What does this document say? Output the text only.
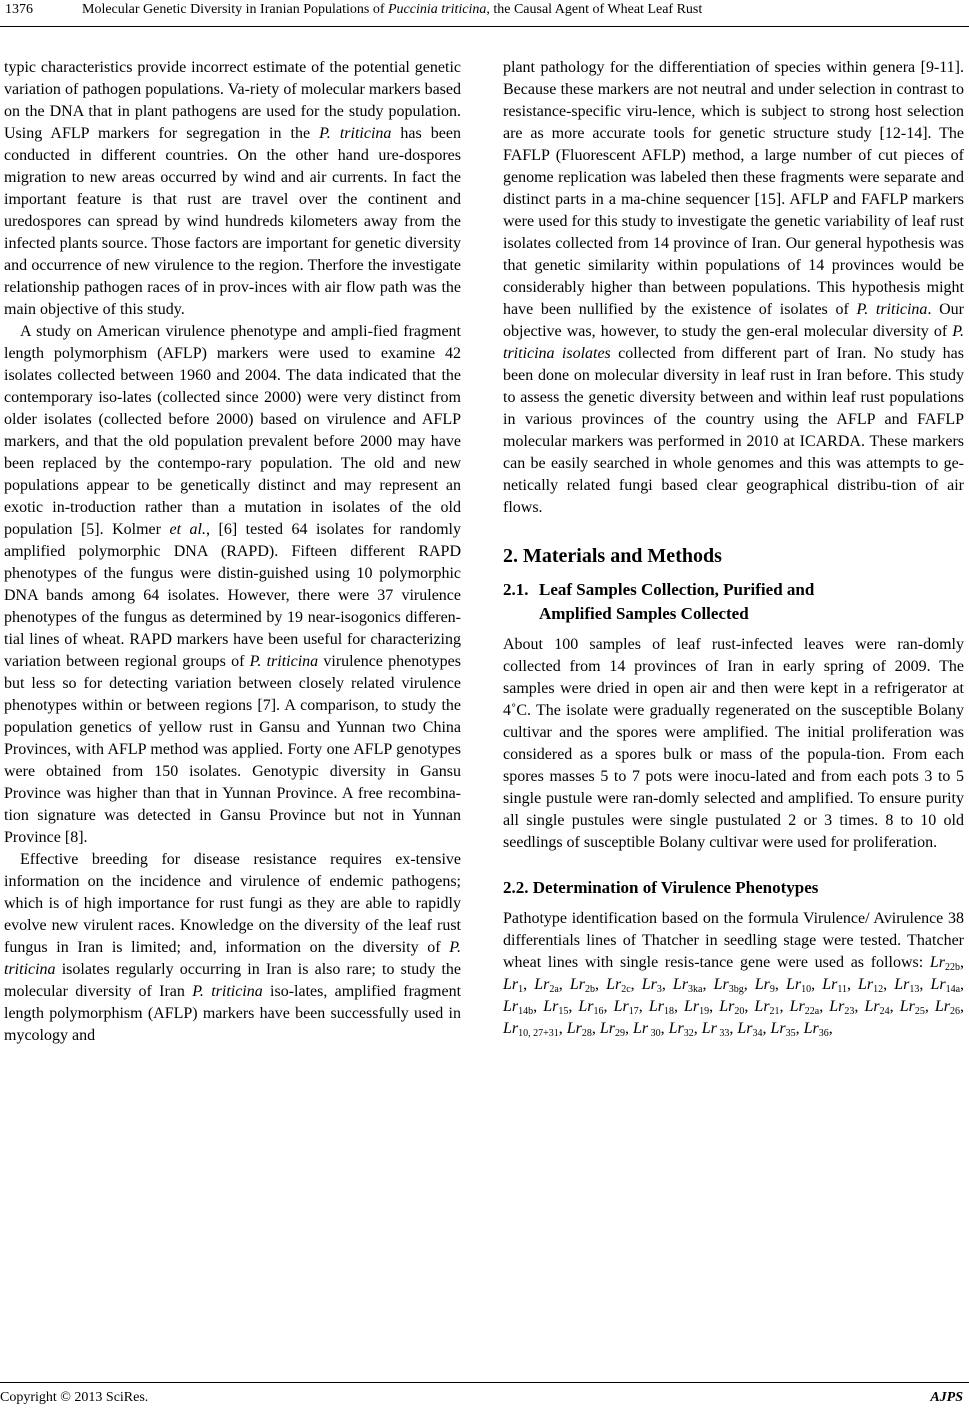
1376	Molecular Genetic Diversity in Iranian Populations of Puccinia triticina, the Causal Agent of Wheat Leaf Rust

typic characteristics provide incorrect estimate of the potential genetic variation of pathogen populations. Va-riety of molecular markers based on the DNA that in plant pathogens are used for the study population. Using AFLP markers for segregation in the P. triticina has been conducted in different countries. On the other hand ure-dospores migration to new areas occurred by wind and air currents. In fact the important feature is that rust are travel over the continent and uredospores can spread by wind hundreds kilometers away from the infected plants source. Those factors are important for genetic diversity and occurrence of new virulence to the region. Therfore the investigate relationship pathogen races of in prov-inces with air flow path was the main objective of this study.

A study on American virulence phenotype and ampli-fied fragment length polymorphism (AFLP) markers were used to examine 42 isolates collected between 1960 and 2004. The data indicated that the contemporary iso-lates (collected since 2000) were very distinct from older isolates (collected before 2000) based on virulence and AFLP markers, and that the old population prevalent before 2000 may have been replaced by the contempo-rary population. The old and new populations appear to be genetically distinct and may represent an exotic in-troduction rather than a mutation in isolates of the old population [5]. Kolmer et al., [6] tested 64 isolates for randomly amplified polymorphic DNA (RAPD). Fifteen different RAPD phenotypes of the fungus were distin-guished using 10 polymorphic DNA bands among 64 isolates. However, there were 37 virulence phenotypes of the fungus as determined by 19 near-isogonics differen-tial lines of wheat. RAPD markers have been useful for characterizing variation between regional groups of P. triticina virulence phenotypes but less so for detecting variation between closely related virulence phenotypes within or between regions [7]. A comparison, to study the population genetics of yellow rust in Gansu and Yunnan two China Provinces, with AFLP method was applied. Forty one AFLP genotypes were obtained from 150 isolates. Genotypic diversity in Gansu Province was higher than that in Yunnan Province. A free recombina-tion signature was detected in Gansu Province but not in Yunnan Province [8].

Effective breeding for disease resistance requires ex-tensive information on the incidence and virulence of endemic pathogens; which is of high importance for rust fungi as they are able to rapidly evolve new virulent races. Knowledge on the diversity of the leaf rust fungus in Iran is limited; and, information on the diversity of P. triticina isolates regularly occurring in Iran is also rare; to study the molecular diversity of Iran P. triticina iso-lates, amplified fragment length polymorphism (AFLP) markers have been successfully used in mycology and

plant pathology for the differentiation of species within genera [9-11]. Because these markers are not neutral and under selection in contrast to resistance-specific viru-lence, which is subject to strong host selection are as more accurate tools for genetic structure study [12-14]. The FAFLP (Fluorescent AFLP) method, a large number of cut pieces of genome replication was labeled then these fragments were separate and distinct parts in a ma-chine sequencer [15]. AFLP and FAFLP markers were used for this study to investigate the genetic variability of leaf rust isolates collected from 14 province of Iran. Our general hypothesis was that genetic similarity within populations of 14 provinces would be considerably higher than between populations. This hypothesis might have been nullified by the existence of isolates of P. triticina. Our objective was, however, to study the gen-eral molecular diversity of P. triticina isolates collected from different part of Iran. No study has been done on molecular diversity in leaf rust in Iran before. This study to assess the genetic diversity between and within leaf rust populations in various provinces of the country using the AFLP and FAFLP molecular markers was performed in 2010 at ICARDA. These markers can be easily searched in whole genomes and this was attempts to ge-netically related fungi based clear geographical distribu-tion of air flows.

2. Materials and Methods
2.1. Leaf Samples Collection, Purified and
Amplified Samples Collected

About 100 samples of leaf rust-infected leaves were ran-domly collected from 14 provinces of Iran in early spring of 2009. The samples were dried in open air and then were kept in a refrigerator at 4˚C. The isolate were gradually regenerated on the susceptible Bolany cultivar and the spores were amplified. The initial proliferation was considered as a spores bulk or mass of the popula-tion. From each spores masses 5 to 7 pots were inocu-lated and from each pots 3 to 5 single pustule were ran-domly selected and amplified. To ensure purity all single pustules were single pustulated 2 or 3 times. 8 to 10 old seedlings of susceptible Bolany cultivar were used for proliferation.

2.2. Determination of Virulence Phenotypes

Pathotype identification based on the formula Virulence/ Avirulence 38 differentials lines of Thatcher in seedling stage were tested. Thatcher wheat lines with single resis-tance gene were used as follows: $Lr_{22b}$, $Lr_1$, $Lr_{2a}$, $Lr_{2b}$, $Lr_{2c}$, $Lr_3$, $Lr_{3ka}$, $Lr_{3bg}$, $Lr_9$, $Lr_{10}$, $Lr_{11}$, $Lr_{12}$, $Lr_{13}$, $Lr_{14a}$, $Lr_{14b}$, $Lr_{15}$, $Lr_{16}$, $Lr_{17}$, $Lr_{18}$, $Lr_{19}$, $Lr_{20}$, $Lr_{21}$, $Lr_{22a}$, $Lr_{23}$, $Lr_{24}$, $Lr_{25}$, $Lr_{26}$, $Lr_{10, 27+31}$, $Lr_{28}$, $Lr_{29}$, Lr $_{30}$, $Lr_{32}$, Lr $_{33}$, $Lr_{34}$, $Lr_{35}$, $Lr_{36}$,

Copyright © 2013 SciRes.	AJPS
